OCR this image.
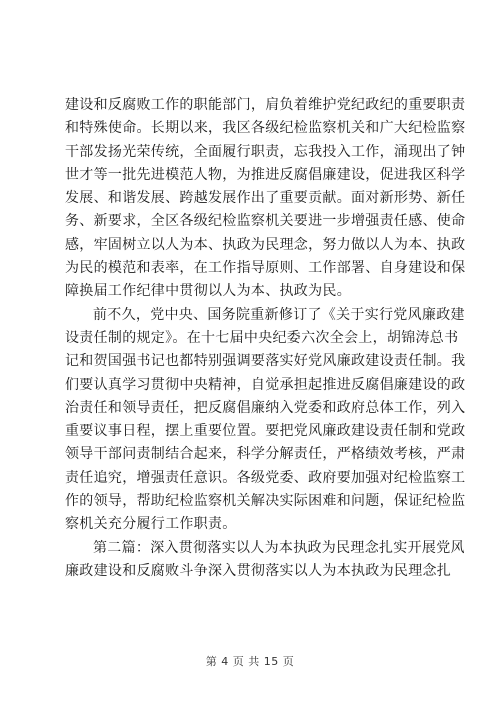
建设和反腐败工作的职能部门，肩负着维护党纪政纪的重要职责
和特殊使命。长期以来，我区各级纪检监察机关和广大纪检监察
干部发扬光荣传统，全面履行职责，忘我投入工作，涌现出了钟
世才等一批先进模范人物，为推进反腐倡廉建设，促进我区科学
发展、和谐发展、跨越发展作出了重要贡献。面对新形势、新任
务、新要求，全区各级纪检监察机关要进一步增强责任感、使命
感，牢固树立以人为本、执政为民理念，努力做以人为本、执政
为民的模范和表率，在工作指导原则、工作部署、自身建设和保
障换届工作纪律中贯彻以人为本、执政为民。
前不久，党中央、国务院重新修订了《关于实行党风廉政建
设责任制的规定》。在十七届中央纪委六次全会上，胡锦涛总书
记和贺国强书记也都特别强调要落实好党风廉政建设责任制。我
们要认真学习贯彻中央精神，自觉承担起推进反腐倡廉建设的政
治责任和领导责任，把反腐倡廉纳入党委和政府总体工作，列入
重要议事日程，摆上重要位置。要把党风廉政建设责任制和党政
领导干部问责制结合起来，科学分解责任，严格绩效考核，严肃
责任追究，增强责任意识。各级党委、政府要加强对纪检监察工
作的领导，帮助纪检监察机关解决实际困难和问题，保证纪检监
察机关充分履行工作职责。
第二篇：深入贯彻落实以人为本执政为民理念扎实开展党风
廉政建设和反腐败斗争深入贯彻落实以人为本执政为民理念扎
第 4 页 共 15 页
